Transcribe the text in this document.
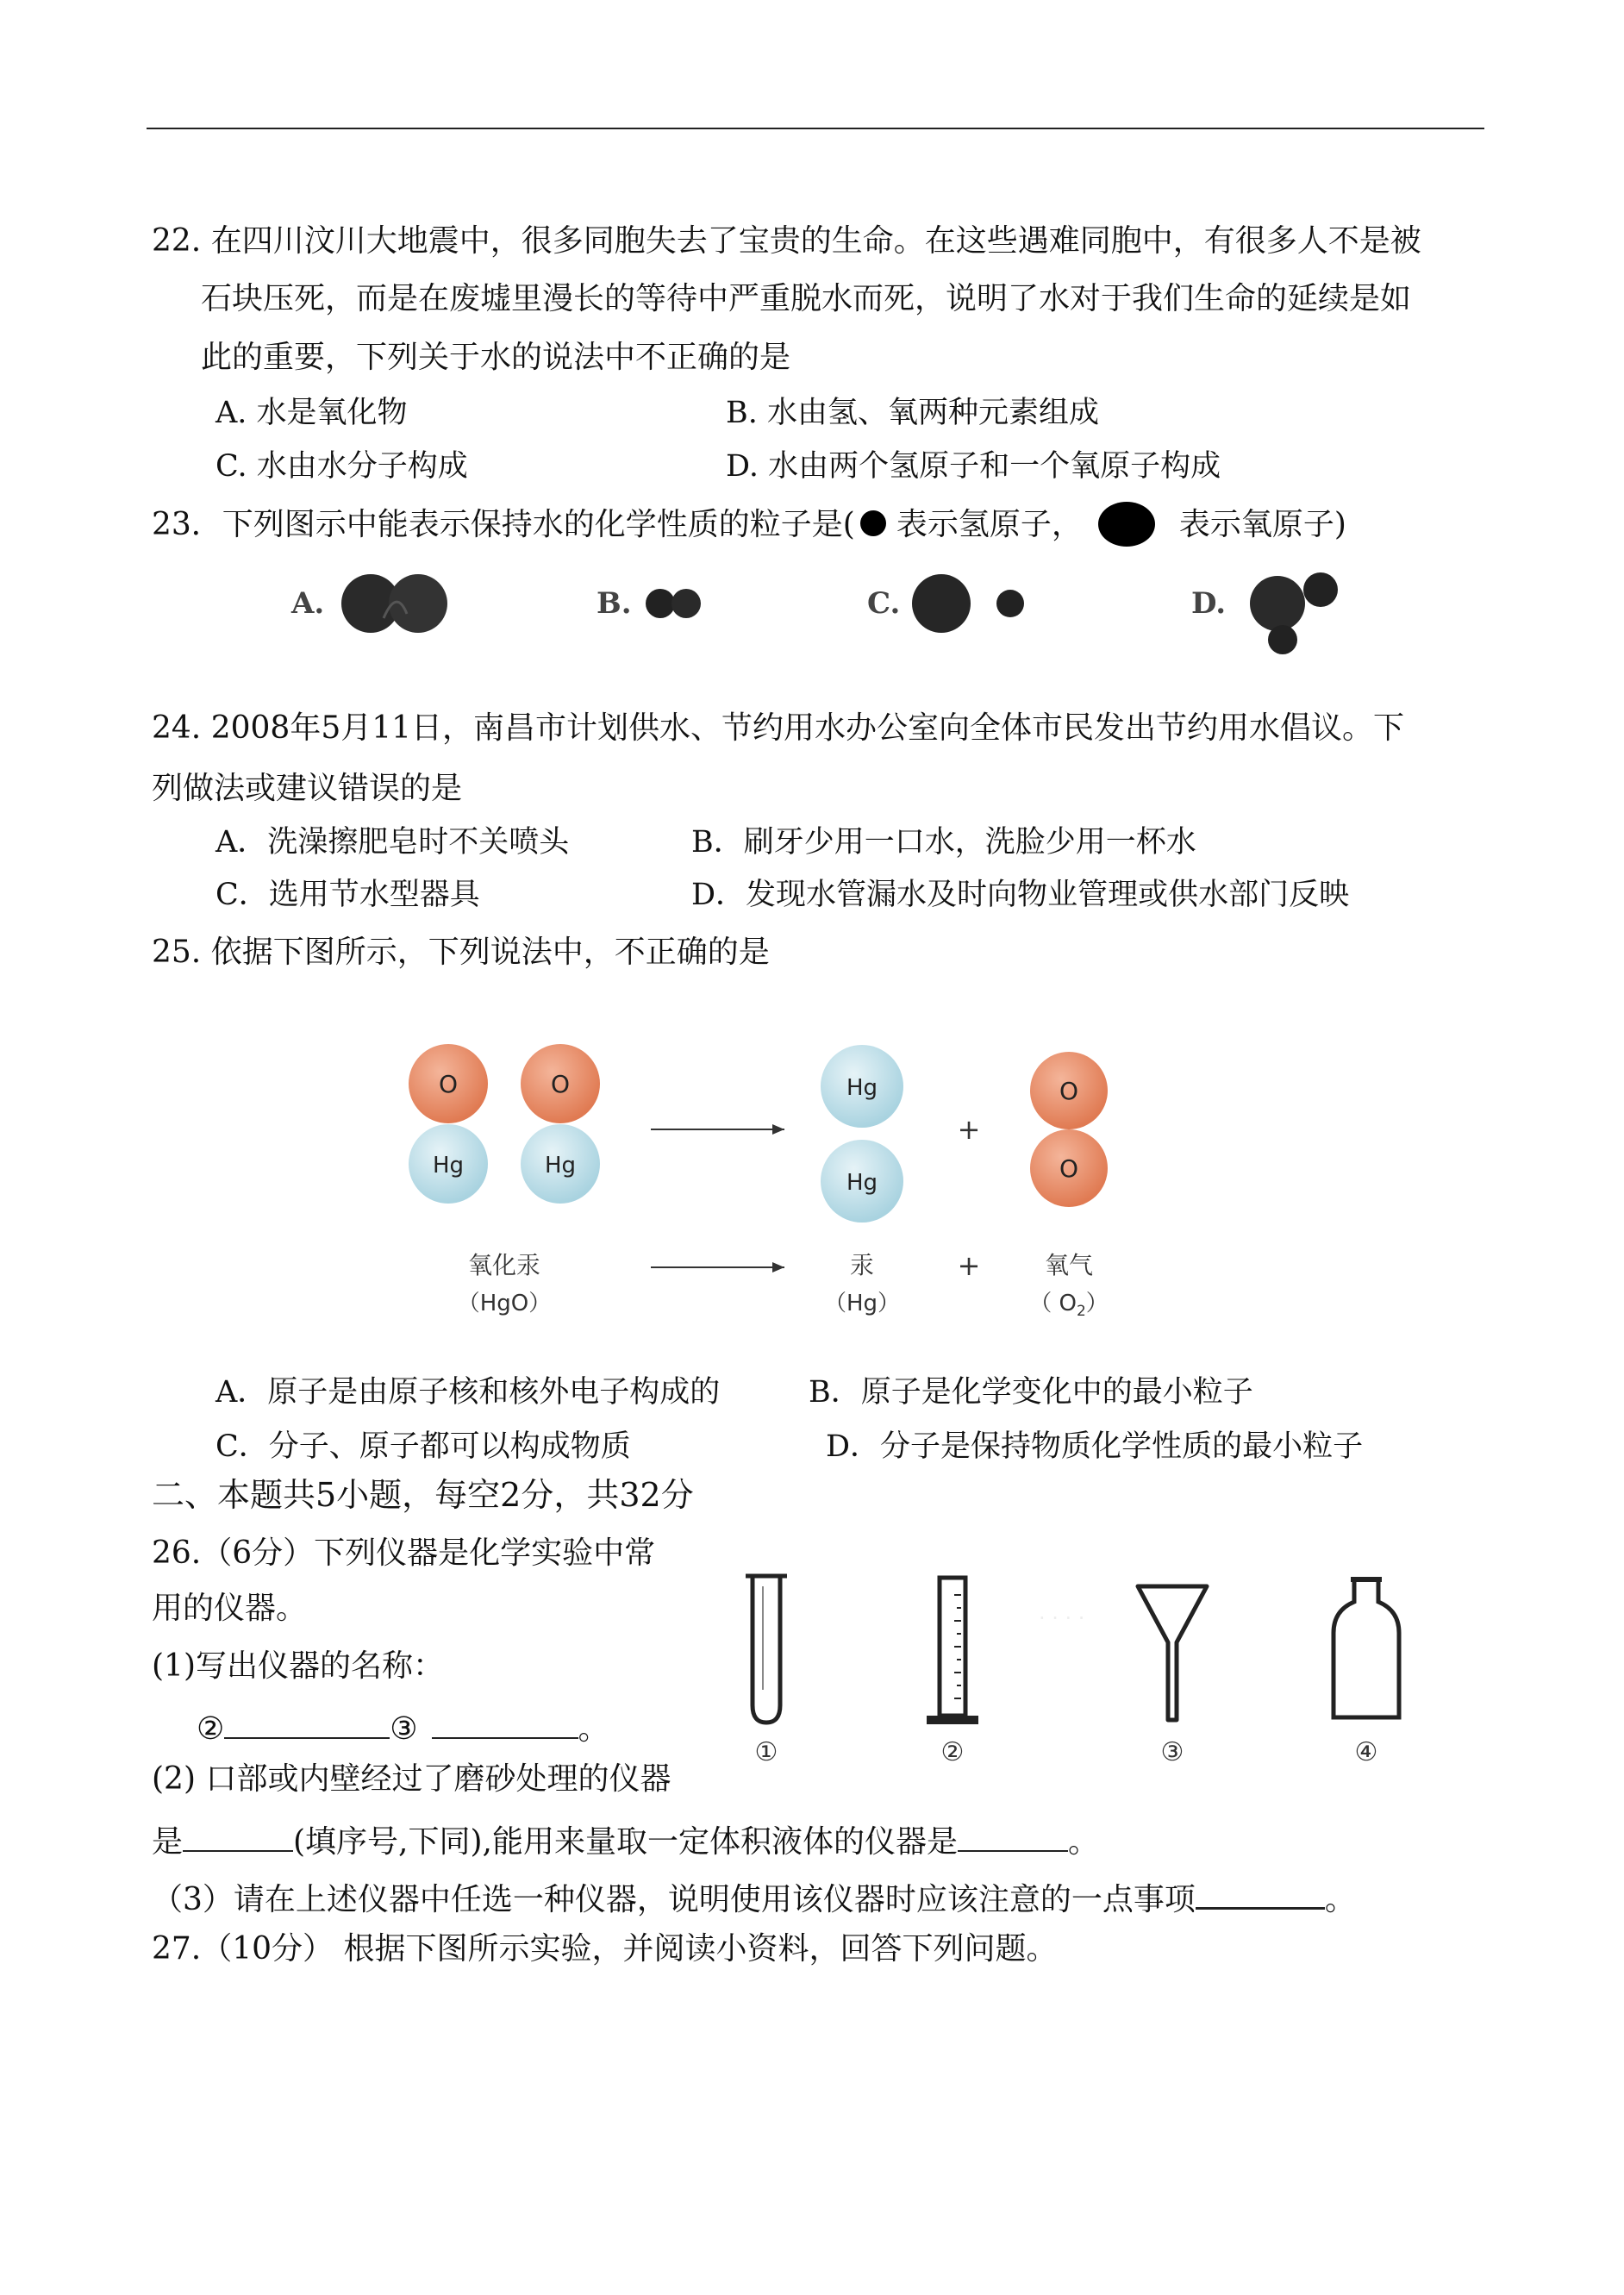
22. 在四川汶川大地震中，很多同胞失去了宝贵的生命。在这些遇难同胞中，有很多人不是被
石块压死，而是在废墟里漫长的等待中严重脱水而死，说明了水对于我们生命的延续是如
此的重要，下列关于水的说法中不正确的是
A. 水是氧化物	B. 水由氢、氧两种元素组成
C. 水由水分子构成	D. 水由两个氢原子和一个氧原子构成
23．下列图示中能表示保持水的化学性质的粒子是( 表示氢原子，	表示氧原子)
A.	B.	C.	D.
24. 2008年5月11日，南昌市计划供水、节约用水办公室向全体市民发出节约用水倡议。下
列做法或建议错误的是
A．洗澡擦肥皂时不关喷头	B．刷牙少用一口水，洗脸少用一杯水
C．选用节水型器具	D．发现水管漏水及时向物业管理或供水部门反映
25. 依据下图所示，下列说法中，不正确的是
O
Hg
O
Hg
Hg
Hg
+
O
O
氧化汞
（HgO）
汞
（Hg）
+	氧气
（ $O_2$）
A．原子是由原子核和核外电子构成的	B．原子是化学变化中的最小粒子
C．分子、原子都可以构成物质	D．分子是保持物质化学性质的最小粒子
二、本题共5小题，每空2分，共32分
26.（6分）下列仪器是化学实验中常
用的仪器。
(1)写出仪器的名称：
②	③	。
· · · ·
①	②	③	④
(2) 口部或内壁经过了磨砂处理的仪器
是	(填序号,下同),能用来量取一定体积液体的仪器是	。
（3）请在上述仪器中任选一种仪器，说明使用该仪器时应该注意的一点事项	。
27.（10分） 根据下图所示实验，并阅读小资料，回答下列问题。
